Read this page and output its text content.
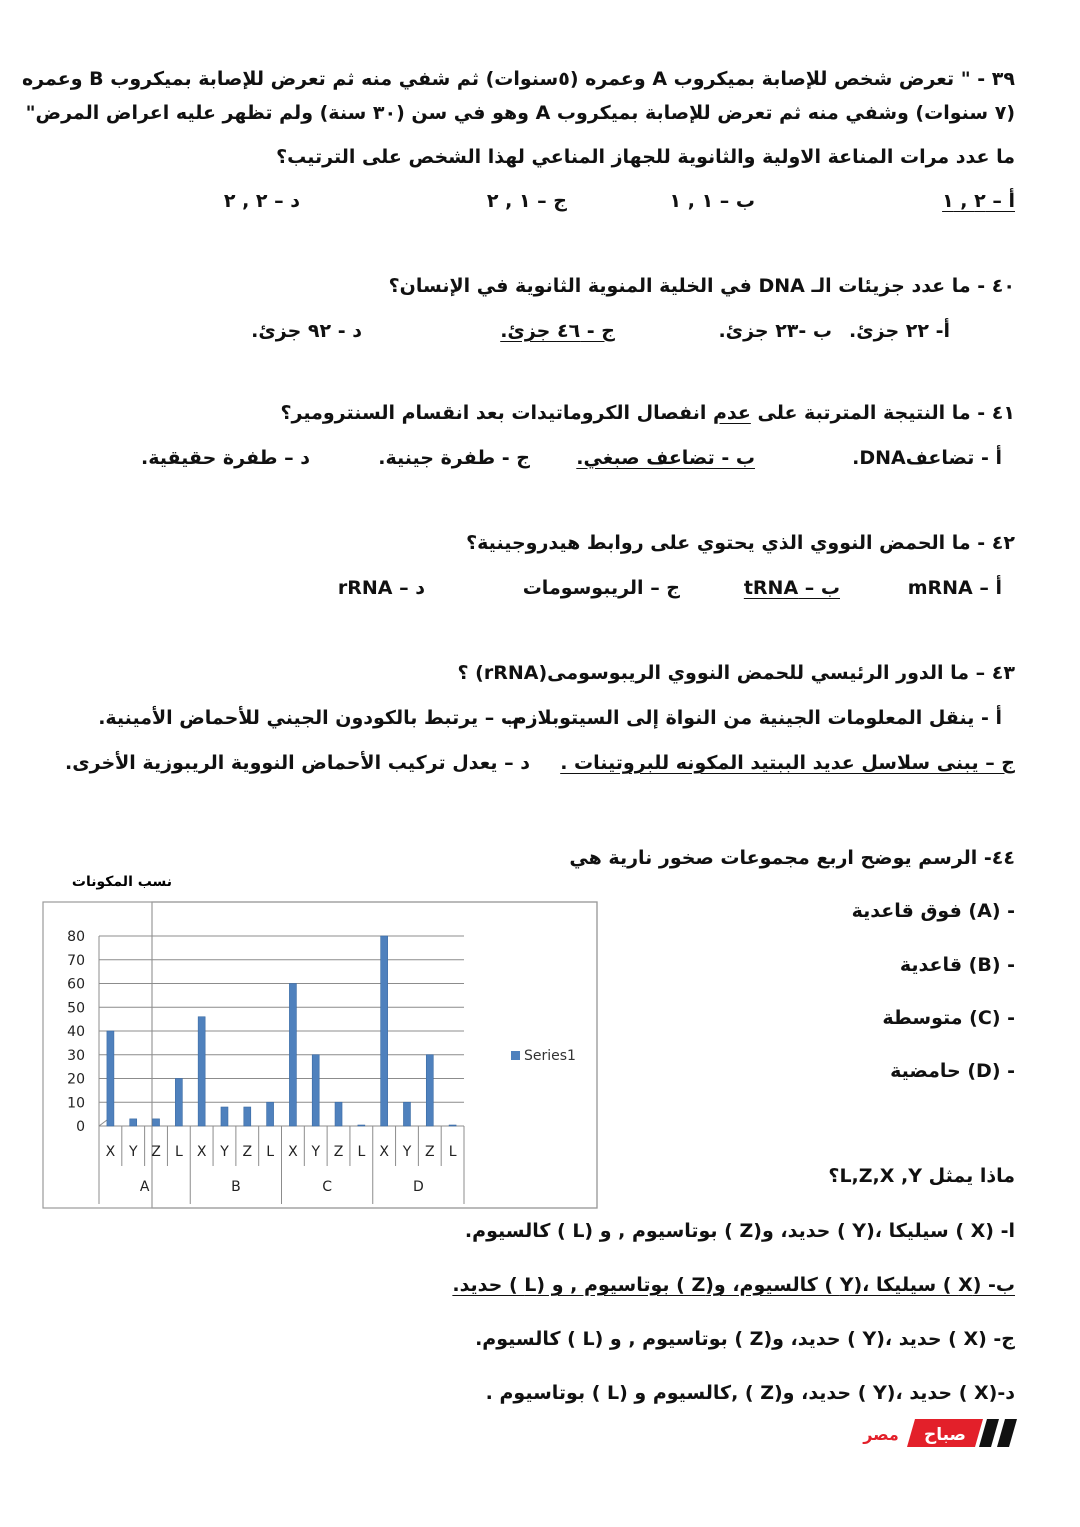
٣٩ - " تعرض شخص للإصابة بميكروب A وعمره (٥سنوات) ثم شفي منه ثم تعرض للإصابة بميكروب B وعمره
(٧ سنوات) وشفي منه ثم تعرض للإصابة بميكروب A وهو في سن (٣٠ سنة) ولم تظهر عليه اعراض المرض"
ما عدد مرات المناعة الاولية والثانوية للجهاز المناعي لهذا الشخص على الترتيب؟
أ – ٢ , ١
ب – ١ , ١
ج – ١ , ٢
د – ٢ , ٢
٤٠ - ما عدد جزيئات الـ DNA في الخلية المنوية الثانوية في الإنسان؟
أ- ٢٢ جزئ.
ب -٢٣ جزئ.
ج - ٤٦ جزئ.
د - ٩٢ جزئ.
٤١ - ما النتيجة المترتبة على عدم انفصال الكروماتيدات بعد انقسام السنترومير؟
أ - تضاعفDNA.
ب - تضاعف صبغي.
ج - طفرة جينية.
د – طفرة حقيقية.
٤٢ - ما الحمض النووي الذي يحتوي على روابط هيدروجينية؟
أ – mRNA
ب – tRNA
ج – الريبوسومات
د – rRNA
٤٣ – ما الدور الرئيسي للحمض النووي الريبوسومى(rRNA) ؟
أ - ينقل المعلومات الجينية من النواة إلى السيتوبلازم.
ب – يرتبط بالكودون الجيني للأحماض الأمينية.
ج – يبنى سلاسل عديد الببتيد المكونه للبروتينات .
د – يعدل تركيب الأحماض النووية الريبوزية الأخرى.
٤٤- الرسم يوضح اربع مجموعات صخور نارية هي
- (A) فوق قاعدية
- (B) قاعدية
- (C) متوسطة
- (D) حامضية
ماذا يمثل L,Z,X ,Y؟
ا- (X ) سيليكا ،(Y ) حديد، و(Z ) بوتاسيوم , و (L ) كالسيوم.
ب- (X ) سيليكا ،(Y ) كالسيوم، و(Z ) بوتاسيوم , و (L ) حديد.
ج- (X ) حديد ،(Y ) حديد، و(Z ) بوتاسيوم , و (L ) كالسيوم.
د-(X ) حديد ،(Y ) حديد، و(Z ) ,كالسيوم و (L ) بوتاسيوم .
نسب المكونات
0
10
20
30
40
50
60
70
80
X Y Z L X Y Z L X Y Z L X Y Z L
A	B	C	D
Series1
صباح
مصر
